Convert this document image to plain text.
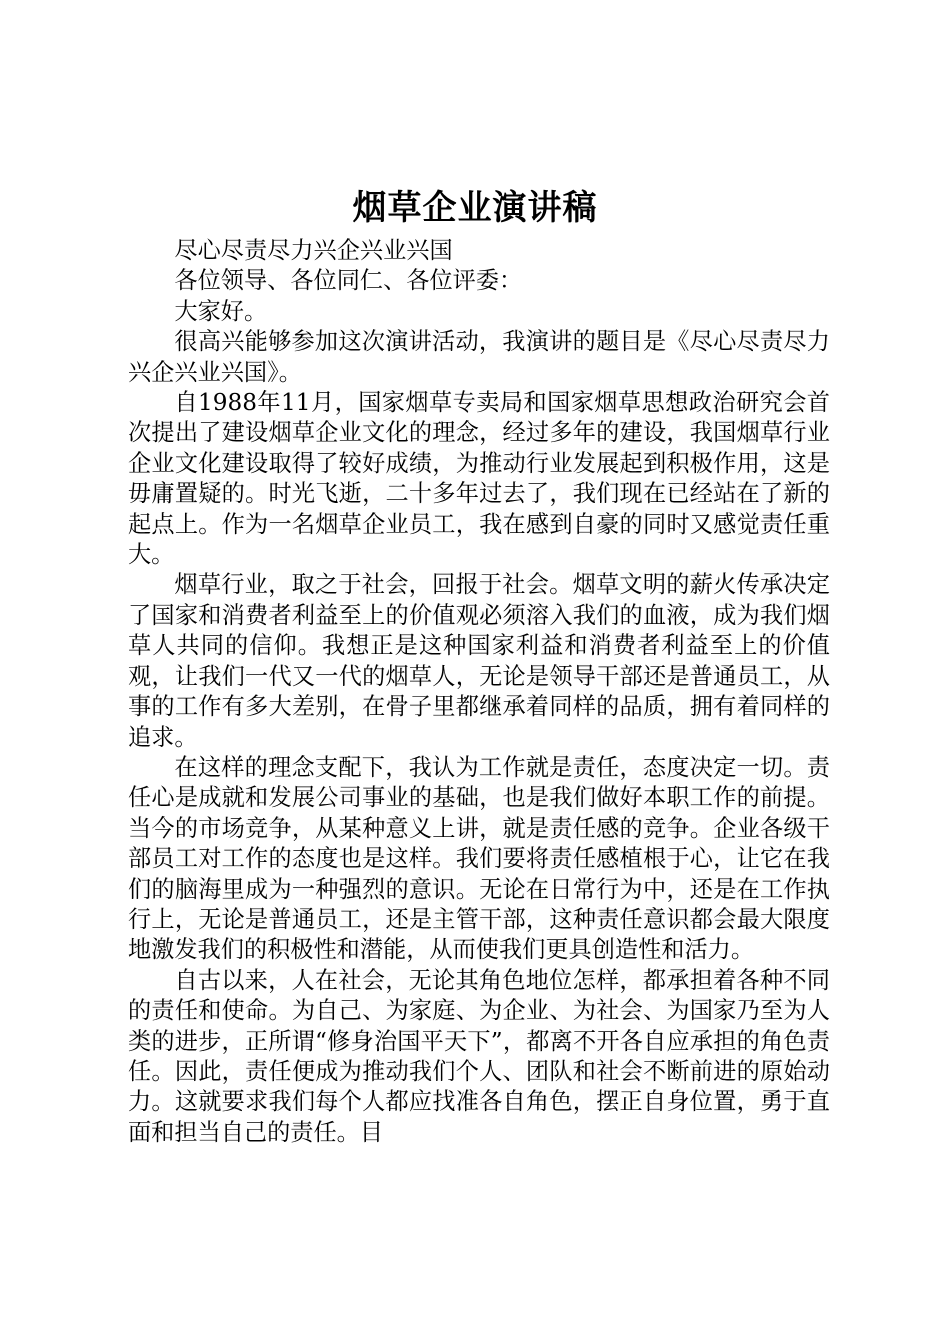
烟草企业演讲稿

尽心尽责尽力兴企兴业兴国

各位领导、各位同仁、各位评委：

大家好。

很高兴能够参加这次演讲活动，我演讲的题目是《尽心尽责尽力兴企兴业兴国》。

自1988年11月，国家烟草专卖局和国家烟草思想政治研究会首次提出了建设烟草企业文化的理念，经过多年的建设，我国烟草行业企业文化建设取得了较好成绩，为推动行业发展起到积极作用，这是毋庸置疑的。时光飞逝，二十多年过去了，我们现在已经站在了新的起点上。作为一名烟草企业员工，我在感到自豪的同时又感觉责任重大。

烟草行业，取之于社会，回报于社会。烟草文明的薪火传承决定了国家和消费者利益至上的价值观必须溶入我们的血液，成为我们烟草人共同的信仰。我想正是这种国家利益和消费者利益至上的价值观，让我们一代又一代的烟草人，无论是领导干部还是普通员工，从事的工作有多大差别，在骨子里都继承着同样的品质，拥有着同样的追求。

在这样的理念支配下，我认为工作就是责任，态度决定一切。责任心是成就和发展公司事业的基础，也是我们做好本职工作的前提。当今的市场竞争，从某种意义上讲，就是责任感的竞争。企业各级干部员工对工作的态度也是这样。我们要将责任感植根于心，让它在我们的脑海里成为一种强烈的意识。无论在日常行为中，还是在工作执行上，无论是普通员工，还是主管干部，这种责任意识都会最大限度地激发我们的积极性和潜能，从而使我们更具创造性和活力。

自古以来，人在社会，无论其角色地位怎样，都承担着各种不同的责任和使命。为自己、为家庭、为企业、为社会、为国家乃至为人类的进步，正所谓“修身治国平天下”，都离不开各自应承担的角色责任。因此，责任便成为推动我们个人、团队和社会不断前进的原始动力。这就要求我们每个人都应找准各自角色，摆正自身位置，勇于直面和担当自己的责任。目
